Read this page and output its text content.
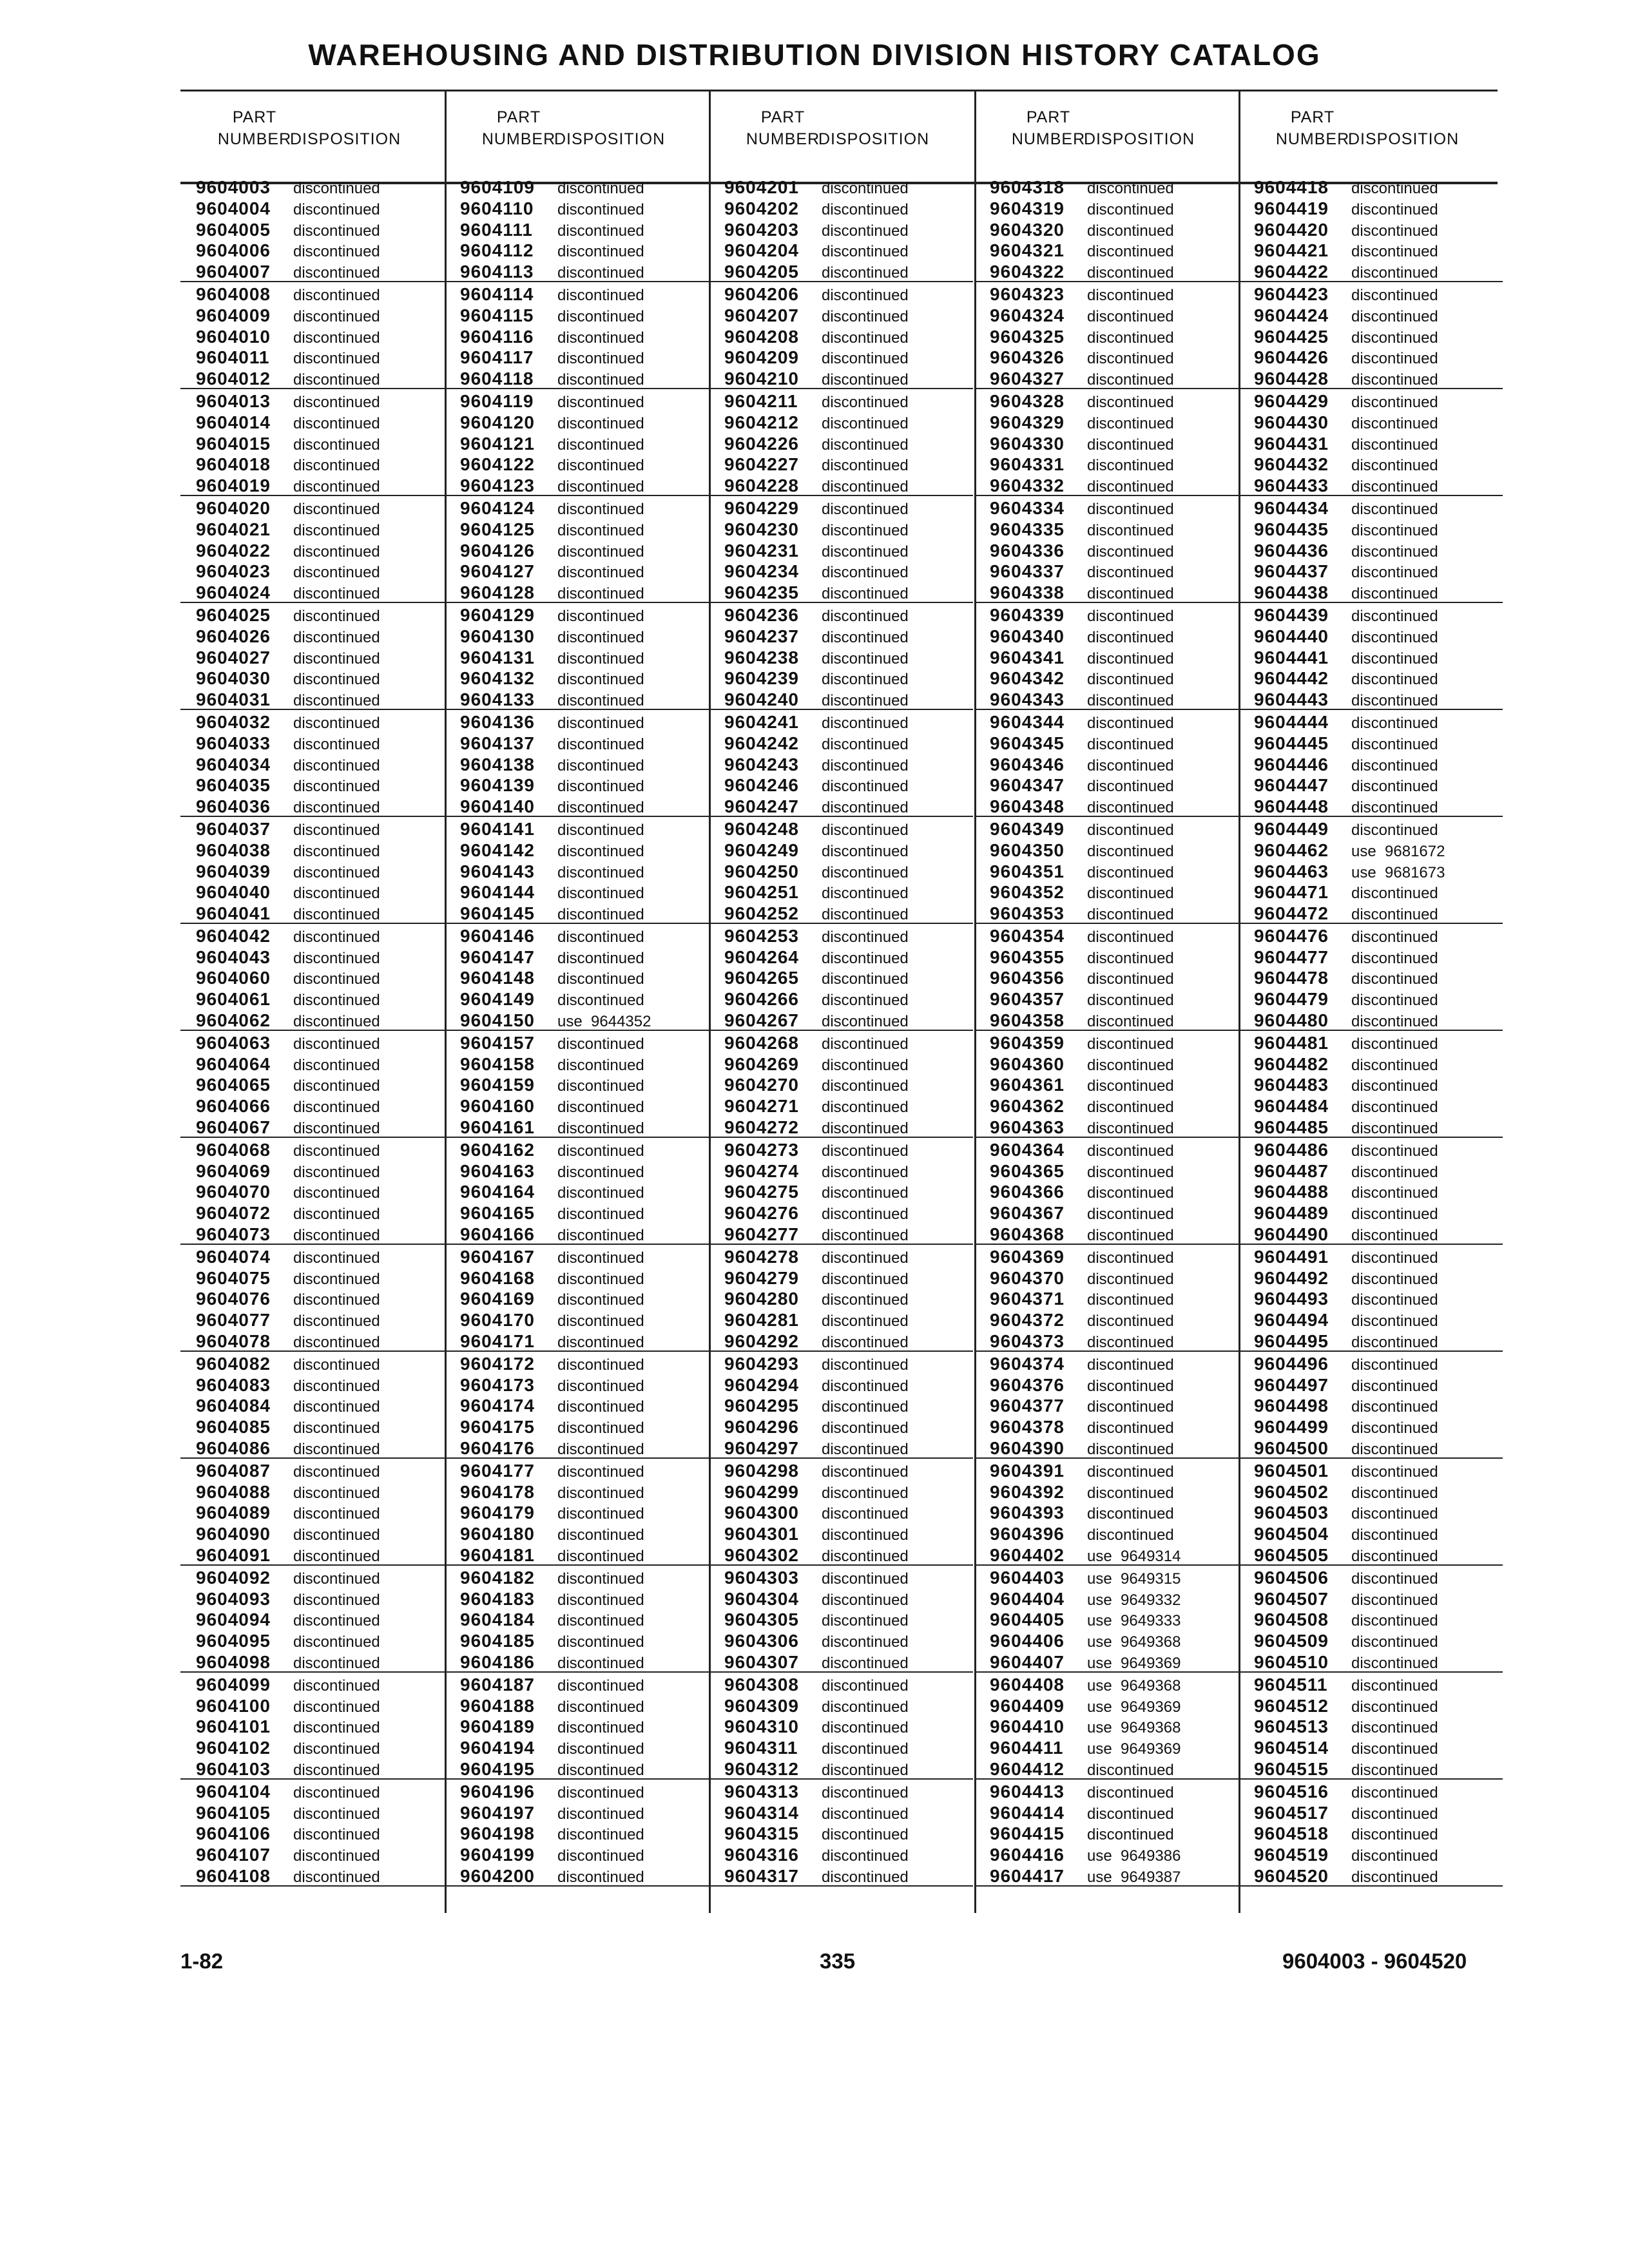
WAREHOUSING AND DISTRIBUTION DIVISION HISTORY CATALOG
PART
NUMBER
DISPOSITION
9604003 discontinued
9604004 discontinued
9604005 discontinued
9604006 discontinued
9604007 discontinued
9604008 discontinued
9604009 discontinued
9604010 discontinued
9604011 discontinued
9604012 discontinued
9604013 discontinued
9604014 discontinued
9604015 discontinued
9604018 discontinued
9604019 discontinued
9604020 discontinued
9604021 discontinued
9604022 discontinued
9604023 discontinued
9604024 discontinued
9604025 discontinued
9604026 discontinued
9604027 discontinued
9604030 discontinued
9604031 discontinued
9604032 discontinued
9604033 discontinued
9604034 discontinued
9604035 discontinued
9604036 discontinued
9604037 discontinued
9604038 discontinued
9604039 discontinued
9604040 discontinued
9604041 discontinued
9604042 discontinued
9604043 discontinued
9604060 discontinued
9604061 discontinued
9604062 discontinued
9604063 discontinued
9604064 discontinued
9604065 discontinued
9604066 discontinued
9604067 discontinued
9604068 discontinued
9604069 discontinued
9604070 discontinued
9604072 discontinued
9604073 discontinued
9604074 discontinued
9604075 discontinued
9604076 discontinued
9604077 discontinued
9604078 discontinued
9604082 discontinued
9604083 discontinued
9604084 discontinued
9604085 discontinued
9604086 discontinued
9604087 discontinued
9604088 discontinued
9604089 discontinued
9604090 discontinued
9604091 discontinued
9604092 discontinued
9604093 discontinued
9604094 discontinued
9604095 discontinued
9604098 discontinued
9604099 discontinued
9604100 discontinued
9604101 discontinued
9604102 discontinued
9604103 discontinued
9604104 discontinued
9604105 discontinued
9604106 discontinued
9604107 discontinued
9604108 discontinued
PART
NUMBER
DISPOSITION
9604109 discontinued
9604110 discontinued
9604111 discontinued
9604112 discontinued
9604113 discontinued
9604114 discontinued
9604115 discontinued
9604116 discontinued
9604117 discontinued
9604118 discontinued
9604119 discontinued
9604120 discontinued
9604121 discontinued
9604122 discontinued
9604123 discontinued
9604124 discontinued
9604125 discontinued
9604126 discontinued
9604127 discontinued
9604128 discontinued
9604129 discontinued
9604130 discontinued
9604131 discontinued
9604132 discontinued
9604133 discontinued
9604136 discontinued
9604137 discontinued
9604138 discontinued
9604139 discontinued
9604140 discontinued
9604141 discontinued
9604142 discontinued
9604143 discontinued
9604144 discontinued
9604145 discontinued
9604146 discontinued
9604147 discontinued
9604148 discontinued
9604149 discontinued
9604150 use  9644352
9604157 discontinued
9604158 discontinued
9604159 discontinued
9604160 discontinued
9604161 discontinued
9604162 discontinued
9604163 discontinued
9604164 discontinued
9604165 discontinued
9604166 discontinued
9604167 discontinued
9604168 discontinued
9604169 discontinued
9604170 discontinued
9604171 discontinued
9604172 discontinued
9604173 discontinued
9604174 discontinued
9604175 discontinued
9604176 discontinued
9604177 discontinued
9604178 discontinued
9604179 discontinued
9604180 discontinued
9604181 discontinued
9604182 discontinued
9604183 discontinued
9604184 discontinued
9604185 discontinued
9604186 discontinued
9604187 discontinued
9604188 discontinued
9604189 discontinued
9604194 discontinued
9604195 discontinued
9604196 discontinued
9604197 discontinued
9604198 discontinued
9604199 discontinued
9604200 discontinued
PART
NUMBER
DISPOSITION
9604201 discontinued
9604202 discontinued
9604203 discontinued
9604204 discontinued
9604205 discontinued
9604206 discontinued
9604207 discontinued
9604208 discontinued
9604209 discontinued
9604210 discontinued
9604211 discontinued
9604212 discontinued
9604226 discontinued
9604227 discontinued
9604228 discontinued
9604229 discontinued
9604230 discontinued
9604231 discontinued
9604234 discontinued
9604235 discontinued
9604236 discontinued
9604237 discontinued
9604238 discontinued
9604239 discontinued
9604240 discontinued
9604241 discontinued
9604242 discontinued
9604243 discontinued
9604246 discontinued
9604247 discontinued
9604248 discontinued
9604249 discontinued
9604250 discontinued
9604251 discontinued
9604252 discontinued
9604253 discontinued
9604264 discontinued
9604265 discontinued
9604266 discontinued
9604267 discontinued
9604268 discontinued
9604269 discontinued
9604270 discontinued
9604271 discontinued
9604272 discontinued
9604273 discontinued
9604274 discontinued
9604275 discontinued
9604276 discontinued
9604277 discontinued
9604278 discontinued
9604279 discontinued
9604280 discontinued
9604281 discontinued
9604292 discontinued
9604293 discontinued
9604294 discontinued
9604295 discontinued
9604296 discontinued
9604297 discontinued
9604298 discontinued
9604299 discontinued
9604300 discontinued
9604301 discontinued
9604302 discontinued
9604303 discontinued
9604304 discontinued
9604305 discontinued
9604306 discontinued
9604307 discontinued
9604308 discontinued
9604309 discontinued
9604310 discontinued
9604311 discontinued
9604312 discontinued
9604313 discontinued
9604314 discontinued
9604315 discontinued
9604316 discontinued
9604317 discontinued
PART
NUMBER
DISPOSITION
9604318 discontinued
9604319 discontinued
9604320 discontinued
9604321 discontinued
9604322 discontinued
9604323 discontinued
9604324 discontinued
9604325 discontinued
9604326 discontinued
9604327 discontinued
9604328 discontinued
9604329 discontinued
9604330 discontinued
9604331 discontinued
9604332 discontinued
9604334 discontinued
9604335 discontinued
9604336 discontinued
9604337 discontinued
9604338 discontinued
9604339 discontinued
9604340 discontinued
9604341 discontinued
9604342 discontinued
9604343 discontinued
9604344 discontinued
9604345 discontinued
9604346 discontinued
9604347 discontinued
9604348 discontinued
9604349 discontinued
9604350 discontinued
9604351 discontinued
9604352 discontinued
9604353 discontinued
9604354 discontinued
9604355 discontinued
9604356 discontinued
9604357 discontinued
9604358 discontinued
9604359 discontinued
9604360 discontinued
9604361 discontinued
9604362 discontinued
9604363 discontinued
9604364 discontinued
9604365 discontinued
9604366 discontinued
9604367 discontinued
9604368 discontinued
9604369 discontinued
9604370 discontinued
9604371 discontinued
9604372 discontinued
9604373 discontinued
9604374 discontinued
9604376 discontinued
9604377 discontinued
9604378 discontinued
9604390 discontinued
9604391 discontinued
9604392 discontinued
9604393 discontinued
9604396 discontinued
9604402 use  9649314
9604403 use  9649315
9604404 use  9649332
9604405 use  9649333
9604406 use  9649368
9604407 use  9649369
9604408 use  9649368
9604409 use  9649369
9604410 use  9649368
9604411 use  9649369
9604412 discontinued
9604413 discontinued
9604414 discontinued
9604415 discontinued
9604416 use  9649386
9604417 use  9649387
PART
NUMBER
DISPOSITION
9604418 discontinued
9604419 discontinued
9604420 discontinued
9604421 discontinued
9604422 discontinued
9604423 discontinued
9604424 discontinued
9604425 discontinued
9604426 discontinued
9604428 discontinued
9604429 discontinued
9604430 discontinued
9604431 discontinued
9604432 discontinued
9604433 discontinued
9604434 discontinued
9604435 discontinued
9604436 discontinued
9604437 discontinued
9604438 discontinued
9604439 discontinued
9604440 discontinued
9604441 discontinued
9604442 discontinued
9604443 discontinued
9604444 discontinued
9604445 discontinued
9604446 discontinued
9604447 discontinued
9604448 discontinued
9604449 discontinued
9604462 use  9681672
9604463 use  9681673
9604471 discontinued
9604472 discontinued
9604476 discontinued
9604477 discontinued
9604478 discontinued
9604479 discontinued
9604480 discontinued
9604481 discontinued
9604482 discontinued
9604483 discontinued
9604484 discontinued
9604485 discontinued
9604486 discontinued
9604487 discontinued
9604488 discontinued
9604489 discontinued
9604490 discontinued
9604491 discontinued
9604492 discontinued
9604493 discontinued
9604494 discontinued
9604495 discontinued
9604496 discontinued
9604497 discontinued
9604498 discontinued
9604499 discontinued
9604500 discontinued
9604501 discontinued
9604502 discontinued
9604503 discontinued
9604504 discontinued
9604505 discontinued
9604506 discontinued
9604507 discontinued
9604508 discontinued
9604509 discontinued
9604510 discontinued
9604511 discontinued
9604512 discontinued
9604513 discontinued
9604514 discontinued
9604515 discontinued
9604516 discontinued
9604517 discontinued
9604518 discontinued
9604519 discontinued
9604520 discontinued
1-82	335	9604003 - 9604520
